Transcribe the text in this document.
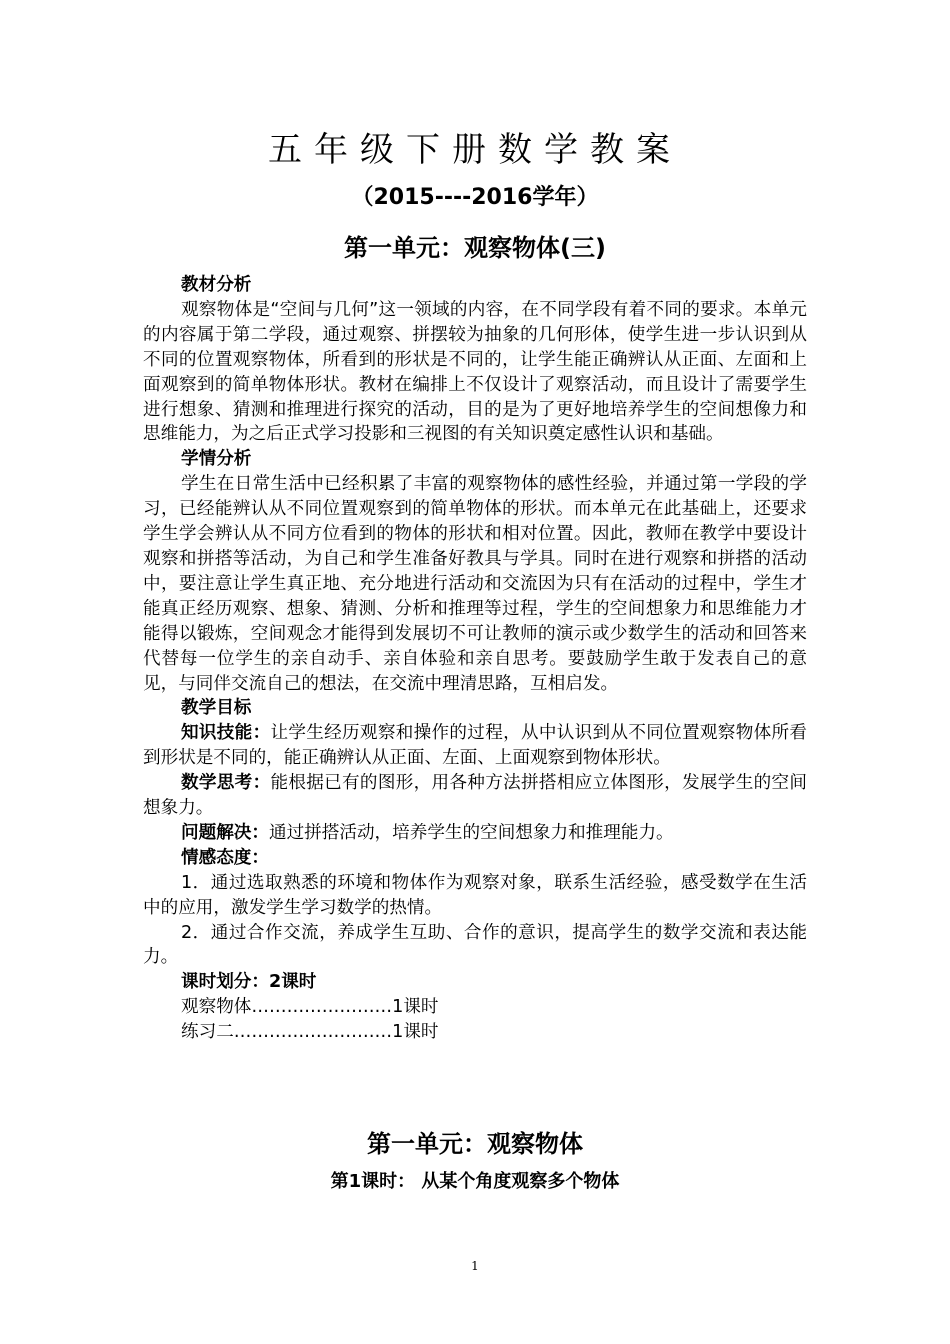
五年级下册数学教案
（2015----2016学年）
第一单元：观察物体(三)

教材分析

观察物体是“空间与几何”这一领域的内容，在不同学段有着不同的要求。本单元的内容属于第二学段，通过观察、拼摆较为抽象的几何形体，使学生进一步认识到从不同的位置观察物体，所看到的形状是不同的，让学生能正确辨认从正面、左面和上面观察到的简单物体形状。教材在编排上不仅设计了观察活动，而且设计了需要学生进行想象、猜测和推理进行探究的活动，目的是为了更好地培养学生的空间想像力和思维能力，为之后正式学习投影和三视图的有关知识奠定感性认识和基础。

学情分析

学生在日常生活中已经积累了丰富的观察物体的感性经验，并通过第一学段的学习，已经能辨认从不同位置观察到的简单物体的形状。而本单元在此基础上，还要求学生学会辨认从不同方位看到的物体的形状和相对位置。因此，教师在教学中要设计观察和拼搭等活动，为自己和学生准备好教具与学具。同时在进行观察和拼搭的活动中，要注意让学生真正地、充分地进行活动和交流因为只有在活动的过程中，学生才能真正经历观察、想象、猜测、分析和推理等过程，学生的空间想象力和思维能力才能得以锻炼，空间观念才能得到发展切不可让教师的演示或少数学生的活动和回答来代替每一位学生的亲自动手、亲自体验和亲自思考。要鼓励学生敢于发表自己的意见，与同伴交流自己的想法，在交流中理清思路，互相启发。

教学目标

知识技能：让学生经历观察和操作的过程，从中认识到从不同位置观察物体所看到形状是不同的，能正确辨认从正面、左面、上面观察到物体形状。

数学思考：能根据已有的图形，用各种方法拼搭相应立体图形，发展学生的空间想象力。

问题解决：通过拼搭活动，培养学生的空间想象力和推理能力。

情感态度：

1．通过选取熟悉的环境和物体作为观察对象，联系生活经验，感受数学在生活中的应用，激发学生学习数学的热情。

2．通过合作交流，养成学生互助、合作的意识，提高学生的数学交流和表达能力。

课时划分：2课时

观察物体……………………1课时

练习二………………………1课时

第一单元：观察物体
第1课时： 从某个角度观察多个物体
1
